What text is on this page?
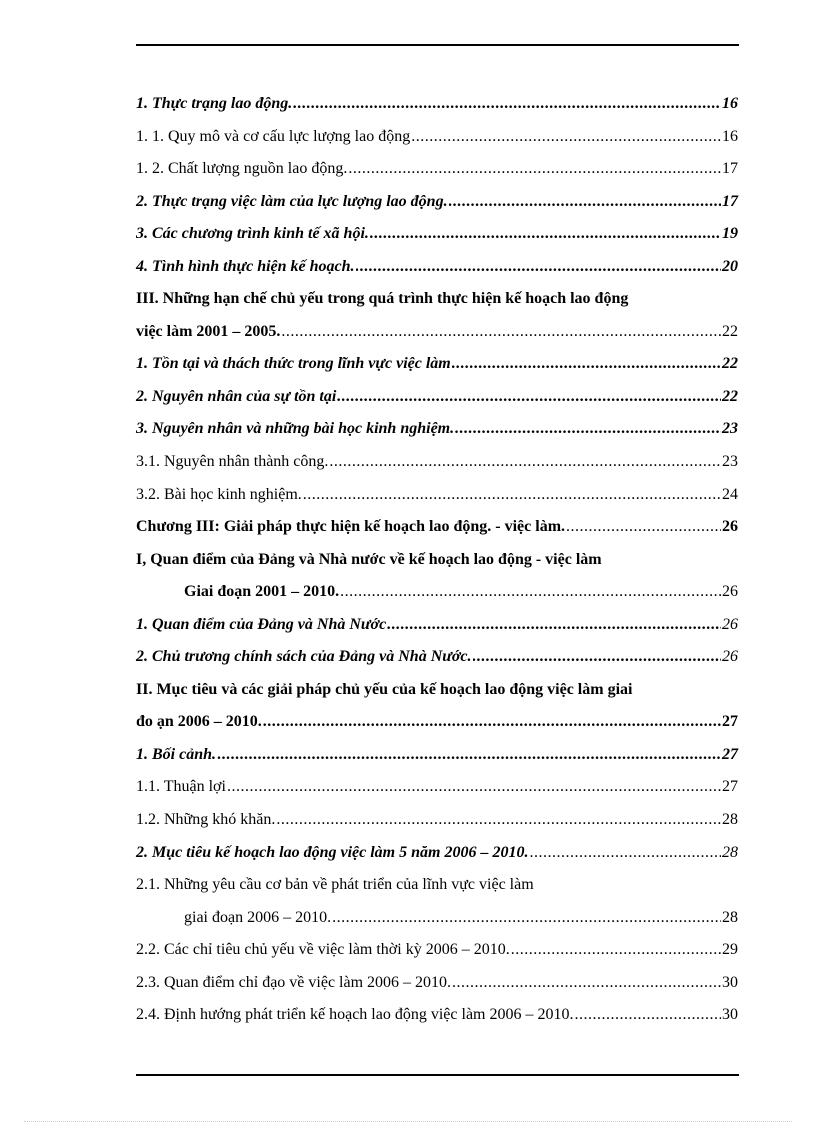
1. Thực trạng lao động. .....	16
1. 1. Quy mô và cơ cấu lực lượng lao động .....	16
1. 2. Chất lượng nguồn lao động. .....	17
2. Thực trạng việc làm của lực lượng lao động. .....	17
3. Các chương trình kinh tế xã hội. .....	19
4. Tình hình thực hiện kế hoạch. .....	20
III. Những hạn chế chủ yếu trong quá trình thực hiện kế hoạch lao động
việc làm 2001 – 2005. .....	22
1. Tồn tại và thách thức trong lĩnh vực việc làm .....	22
2. Nguyên nhân của sự tồn tại .....	22
3. Nguyên nhân và những bài học kinh nghiệm. .....	23
3.1. Nguyên nhân thành công. .....	23
3.2. Bài học kinh nghiệm. .....	24
Chương III: Giải pháp thực hiện kế hoạch lao động. - việc làm. .....	26
I, Quan điểm của Đảng và Nhà nước về kế hoạch lao động - việc làm
Giai đoạn 2001 – 2010. .....	26
1. Quan điểm của Đảng và Nhà Nước .....	26
2. Chủ trương chính sách của Đảng và Nhà Nước. .....	26
II. Mục tiêu và các giải pháp chủ yếu của kế hoạch lao động việc làm giai
đo ạn 2006 – 2010. .....	27
1. Bối cảnh. .....	27
1.1. Thuận lợi .....	27
1.2. Những khó khăn. .....	28
2. Mục tiêu kế hoạch lao động việc làm 5 năm 2006 – 2010. .....	28
2.1. Những yêu cầu cơ bản về phát triển của lĩnh vực việc làm
giai đoạn 2006 – 2010. .....	28
2.2. Các chỉ tiêu chủ yếu về việc làm thời kỳ 2006 – 2010. .....	29
2.3. Quan điểm chỉ đạo về việc làm 2006 – 2010. .....	30
2.4. Định hướng phát triển kế hoạch lao động việc làm 2006 – 2010. .....	30
